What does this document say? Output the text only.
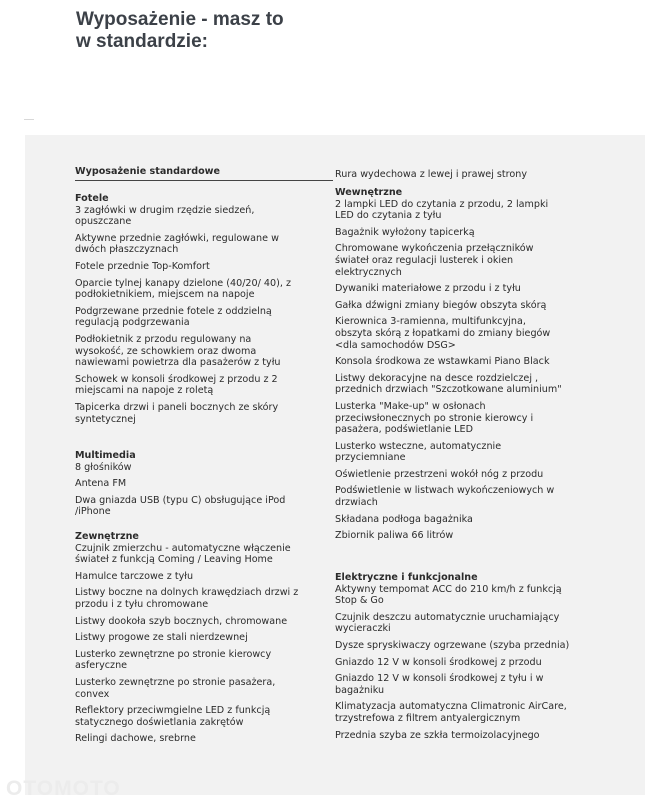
Wyposażenie - masz to
w standardzie:
Wyposażenie standardowe
Fotele
3 zagłówki w drugim rzędzie siedzeń,
opuszczane
Aktywne przednie zagłówki, regulowane w
dwóch płaszczyznach
Fotele przednie Top-Komfort
Oparcie tylnej kanapy dzielone (40/20/ 40), z
podłokietnikiem, miejscem na napoje
Podgrzewane przednie fotele z oddzielną
regulacją podgrzewania
Podłokietnik z przodu regulowany na
wysokość, ze schowkiem oraz dwoma
nawiewami powietrza dla pasażerów z tyłu
Schowek w konsoli środkowej z przodu z 2
miejscami na napoje z roletą
Tapicerka drzwi i paneli bocznych ze skóry
syntetycznej
Multimedia
8 głośników
Antena FM
Dwa gniazda USB (typu C) obsługujące iPod
/iPhone
Zewnętrzne
Czujnik zmierzchu - automatyczne włączenie
świateł z funkcją Coming / Leaving Home
Hamulce tarczowe z tyłu
Listwy boczne na dolnych krawędziach drzwi z
przodu i z tyłu chromowane
Listwy dookoła szyb bocznych, chromowane
Listwy progowe ze stali nierdzewnej
Lusterko zewnętrzne po stronie kierowcy
asferyczne
Lusterko zewnętrzne po stronie pasażera,
convex
Reflektory przeciwmgielne LED z funkcją
statycznego doświetlania zakrętów
Relingi dachowe, srebrne
Rura wydechowa z lewej i prawej strony
Wewnętrzne
2 lampki LED do czytania z przodu, 2 lampki
LED do czytania z tyłu
Bagażnik wyłożony tapicerką
Chromowane wykończenia przełączników
świateł oraz regulacji lusterek i okien
elektrycznych
Dywaniki materiałowe z przodu i z tyłu
Gałka dźwigni zmiany biegów obszyta skórą
Kierownica 3-ramienna, multifunkcyjna,
obszyta skórą z łopatkami do zmiany biegów
<dla samochodów DSG>
Konsola środkowa ze wstawkami Piano Black
Listwy dekoracyjne na desce rozdzielczej ,
przednich drzwiach "Szczotkowane aluminium"
Lusterka "Make-up" w osłonach
przeciwsłonecznych po stronie kierowcy i
pasażera, podświetlanie LED
Lusterko wsteczne, automatycznie
przyciemniane
Oświetlenie przestrzeni wokół nóg z przodu
Podświetlenie w listwach wykończeniowych w
drzwiach
Składana podłoga bagażnika
Zbiornik paliwa 66 litrów
Elektryczne i funkcjonalne
Aktywny tempomat ACC do 210 km/h z funkcją
Stop & Go
Czujnik deszczu automatycznie uruchamiający
wycieraczki
Dysze spryskiwaczy ogrzewane (szyba przednia)
Gniazdo 12 V w konsoli środkowej z przodu
Gniazdo 12 V w konsoli środkowej z tyłu i w
bagażniku
Klimatyzacja automatyczna Climatronic AirCare,
trzystrefowa z filtrem antyalergicznym
Przednia szyba ze szkła termoizolacyjnego
OTOMOTO
